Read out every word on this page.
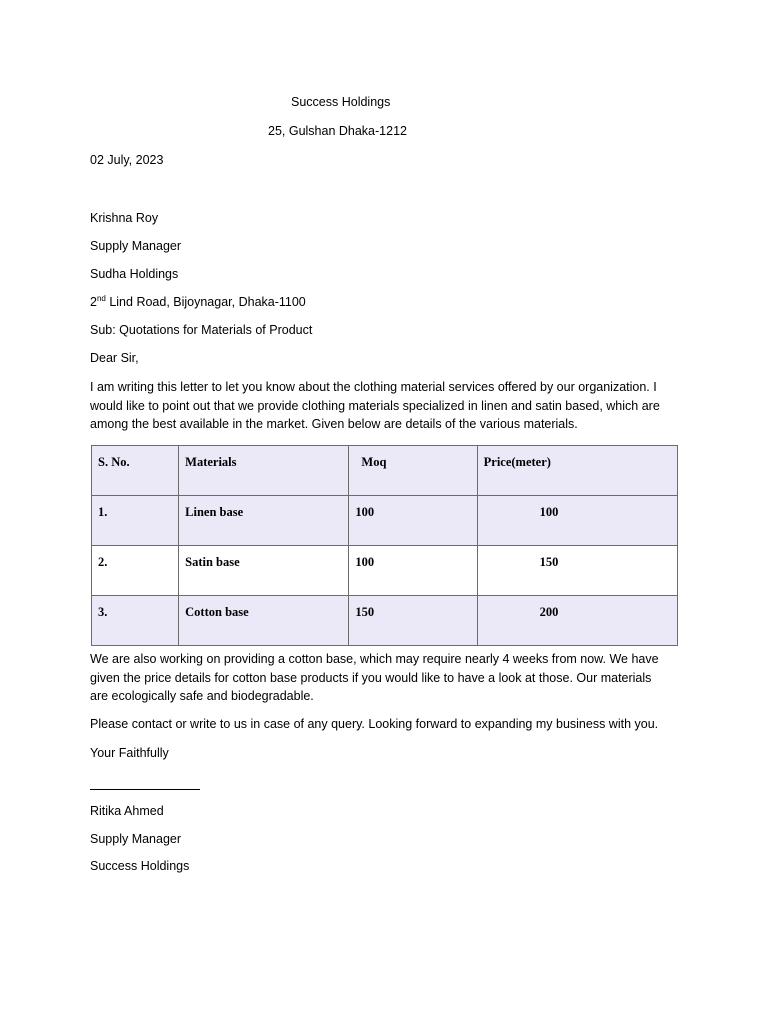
Success Holdings
25, Gulshan Dhaka-1212
02 July, 2023
Krishna Roy
Supply Manager
Sudha Holdings
2nd Lind Road, Bijoynagar, Dhaka-1100
Sub: Quotations for Materials of Product
Dear Sir,
I am writing this letter to let you know about the clothing material services offered by our organization. I
would like to point out that we provide clothing materials specialized in linen and satin based, which are
among the best available in the market. Given below are details of the various materials.
S. No.	Materials	Moq	Price(meter)
1.	Linen base	100	100
2.	Satin base	100	150
3.	Cotton base	150	200
We are also working on providing a cotton base, which may require nearly 4 weeks from now. We have
given the price details for cotton base products if you would like to have a look at those. Our materials
are ecologically safe and biodegradable.
Please contact or write to us in case of any query. Looking forward to expanding my business with you.
Your Faithfully
Ritika Ahmed
Supply Manager
Success Holdings
